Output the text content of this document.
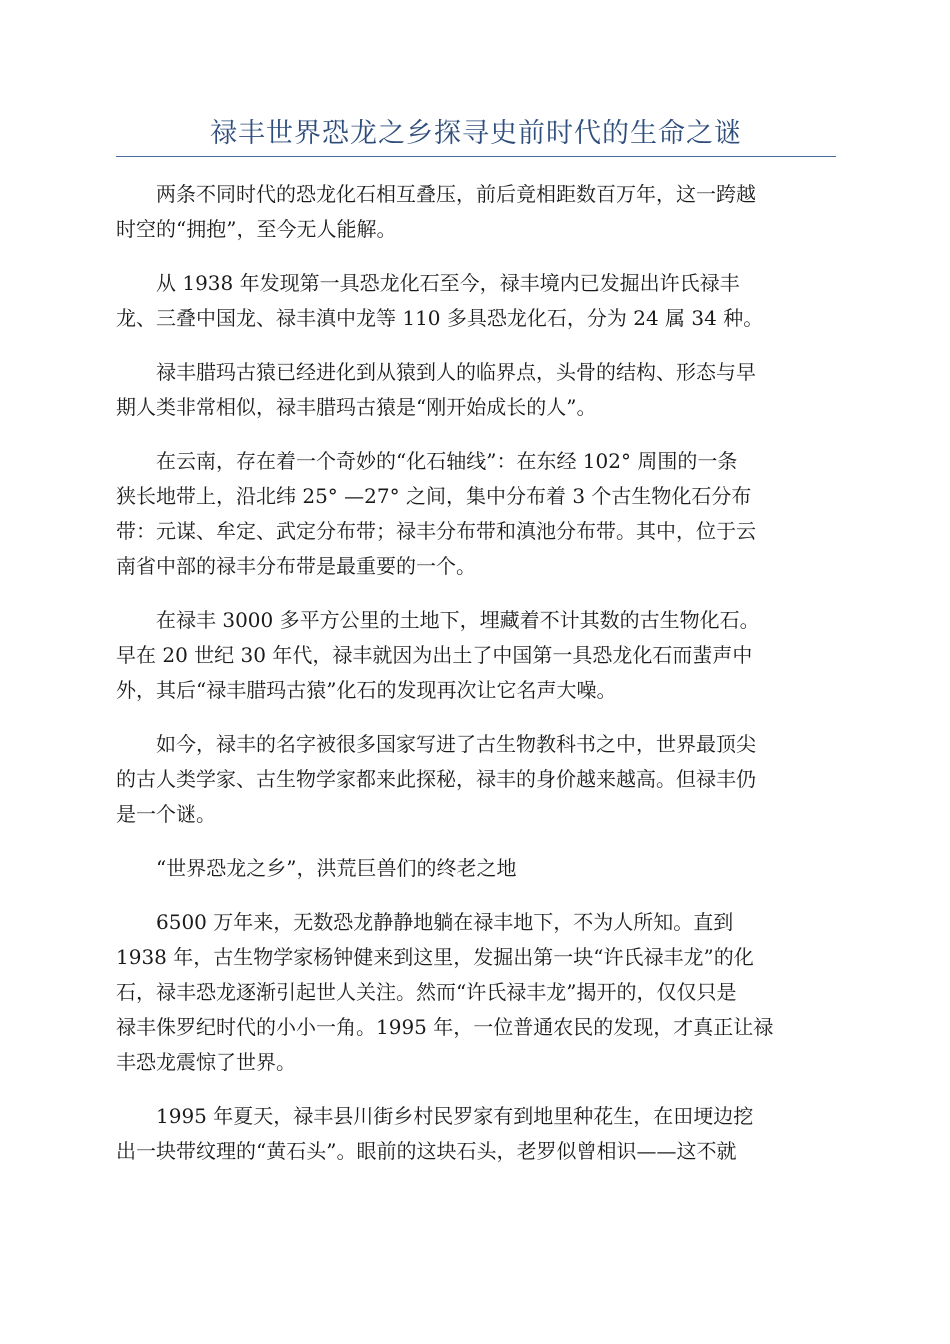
禄丰世界恐龙之乡探寻史前时代的生命之谜

两条不同时代的恐龙化石相互叠压，前后竟相距数百万年，这一跨越
时空的“拥抱”，至今无人能解。

从 1938 年发现第一具恐龙化石至今，禄丰境内已发掘出许氏禄丰
龙、三叠中国龙、禄丰滇中龙等 110 多具恐龙化石，分为 24 属 34 种。

禄丰腊玛古猿已经进化到从猿到人的临界点，头骨的结构、形态与早
期人类非常相似，禄丰腊玛古猿是“刚开始成长的人”。

在云南，存在着一个奇妙的“化石轴线”：在东经 102° 周围的一条
狭长地带上，沿北纬 25° —27° 之间，集中分布着 3 个古生物化石分布
带：元谋、牟定、武定分布带；禄丰分布带和滇池分布带。其中，位于云
南省中部的禄丰分布带是最重要的一个。

在禄丰 3000 多平方公里的土地下，埋藏着不计其数的古生物化石。
早在 20 世纪 30 年代，禄丰就因为出土了中国第一具恐龙化石而蜚声中
外，其后“禄丰腊玛古猿”化石的发现再次让它名声大噪。

如今，禄丰的名字被很多国家写进了古生物教科书之中，世界最顶尖
的古人类学家、古生物学家都来此探秘，禄丰的身价越来越高。但禄丰仍
是一个谜。

“世界恐龙之乡”，洪荒巨兽们的终老之地

6500 万年来，无数恐龙静静地躺在禄丰地下，不为人所知。直到
1938 年，古生物学家杨钟健来到这里，发掘出第一块“许氏禄丰龙”的化
石，禄丰恐龙逐渐引起世人关注。然而“许氏禄丰龙”揭开的，仅仅只是
禄丰侏罗纪时代的小小一角。1995 年，一位普通农民的发现，才真正让禄
丰恐龙震惊了世界。

1995 年夏天，禄丰县川街乡村民罗家有到地里种花生，在田埂边挖
出一块带纹理的“黄石头”。眼前的这块石头，老罗似曾相识——这不就
